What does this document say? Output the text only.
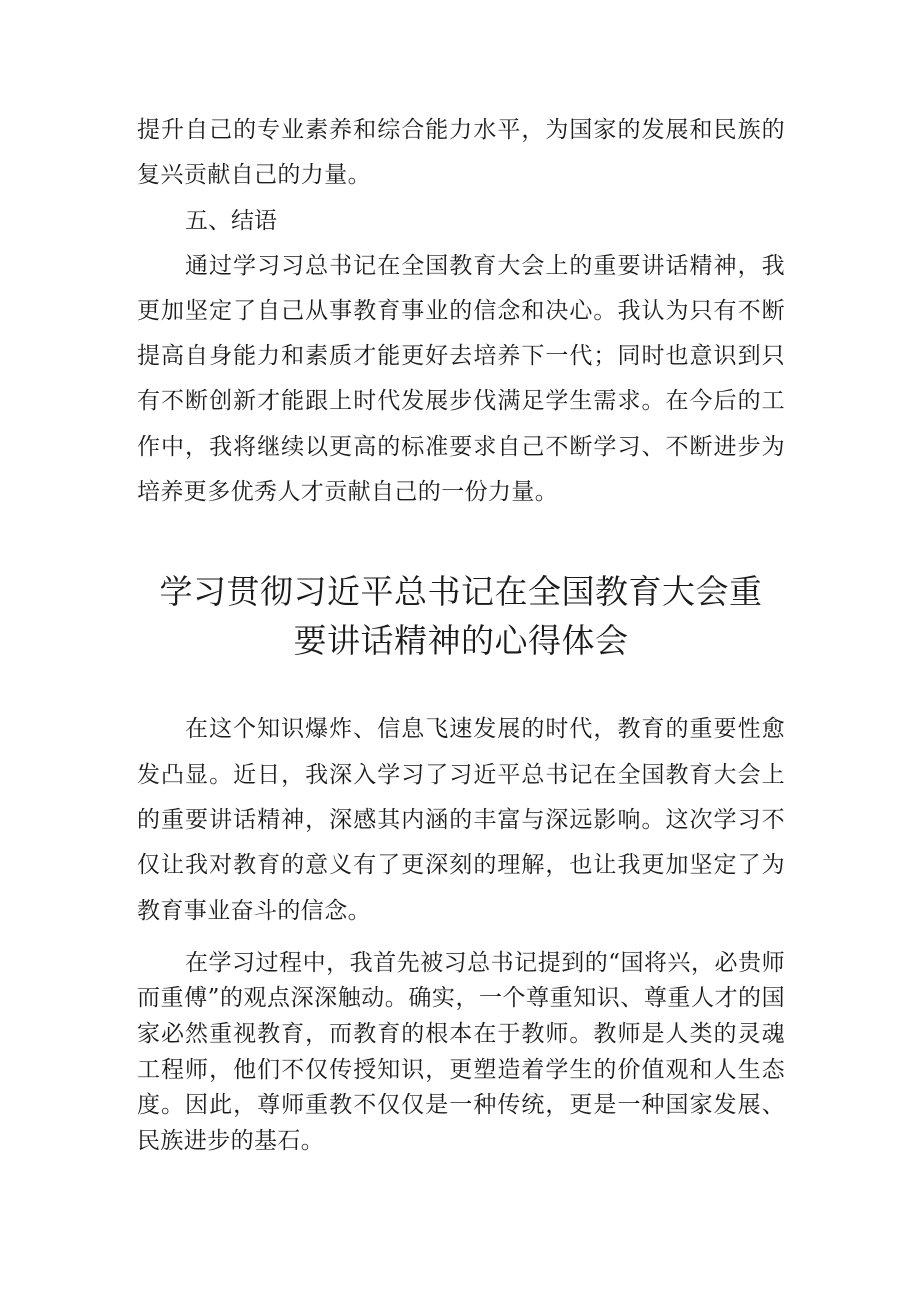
提升自己的专业素养和综合能力水平，为国家的发展和民族的复兴贡献自己的力量。

五、结语

通过学习习总书记在全国教育大会上的重要讲话精神，我更加坚定了自己从事教育事业的信念和决心。我认为只有不断提高自身能力和素质才能更好去培养下一代；同时也意识到只有不断创新才能跟上时代发展步伐满足学生需求。在今后的工作中，我将继续以更高的标准要求自己不断学习、不断进步为培养更多优秀人才贡献自己的一份力量。

学习贯彻习近平总书记在全国教育大会重
要讲话精神的心得体会

在这个知识爆炸、信息飞速发展的时代，教育的重要性愈发凸显。近日，我深入学习了习近平总书记在全国教育大会上的重要讲话精神，深感其内涵的丰富与深远影响。这次学习不仅让我对教育的意义有了更深刻的理解，也让我更加坚定了为教育事业奋斗的信念。

在学习过程中，我首先被习总书记提到的“国将兴，必贵师而重傅”的观点深深触动。确实，一个尊重知识、尊重人才的国家必然重视教育，而教育的根本在于教师。教师是人类的灵魂工程师，他们不仅传授知识，更塑造着学生的价值观和人生态度。因此，尊师重教不仅仅是一种传统，更是一种国家发展、民族进步的基石。
